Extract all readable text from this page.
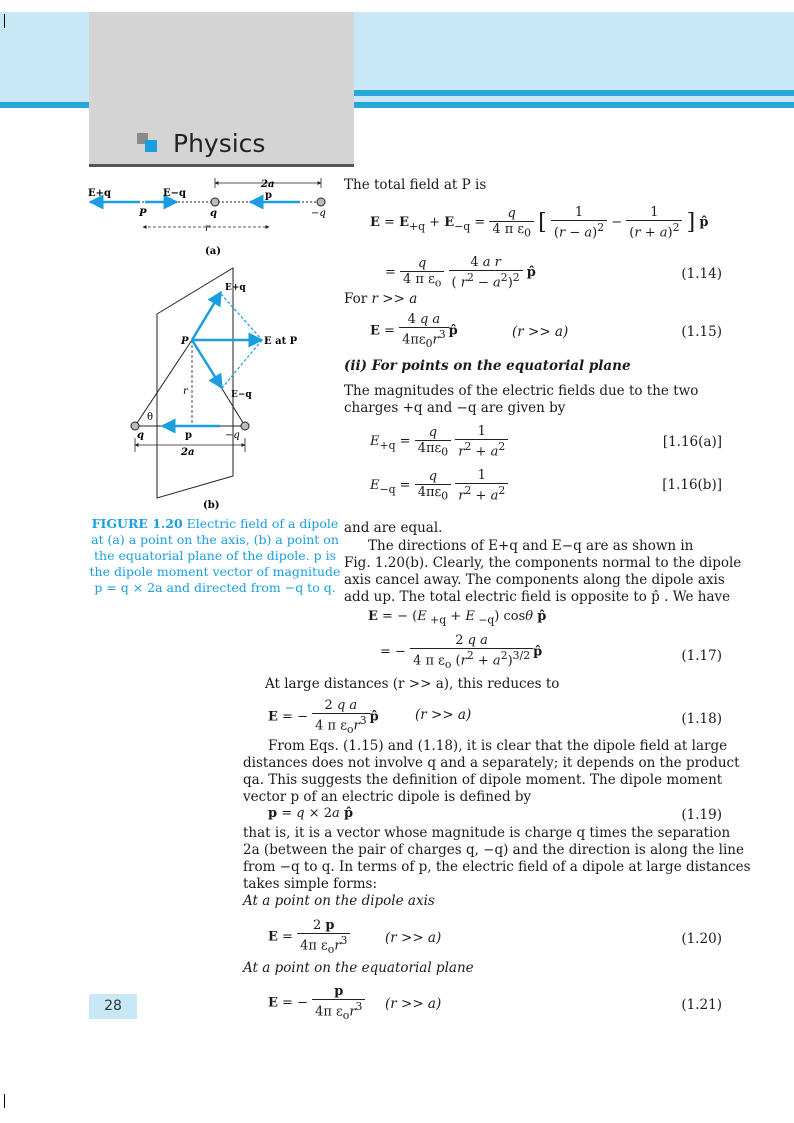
Physics
E+q	E−q
2a
P	q
p
−q
r
(a)
E+q
E−q
E at P
P
r
θ
q	p	−q
2a
(b)
FIGURE 1.20 Electric field of a dipole at (a) a point on the axis, (b) a point on the equatorial plane of the dipole. p is the dipole moment vector of magnitude p = q × 2a and directed from −q to q.
The total field at P is
$E = E_{+q} + E_{-q} = \frac{q}{4 \pi \varepsilon_0}$ [ $\frac{1}{(r - a)^2} - \frac{1}{(r + a)^2}$ ] p̂
= $\frac{q}{4 \pi \varepsilon_o}$
$\frac{\text{4 a r}}{( r^2 - a^2)^2}$ p̂	(1.14)
For r >> a
$E = \frac{\text{4 q a}}{4\pi\varepsilon_0r^3}$ p̂	(r >> a)	(1.15)
(ii) For points on the equatorial plane
The magnitudes of the electric fields due to the two
charges +q and −q are given by
$E_{+q} = \frac{q}{4\pi\varepsilon_0}$
$\frac{1}{r^2 + a^2}$	[1.16(a)]
$E_{-q} = \frac{q}{4\pi\varepsilon_0}$
$\frac{1}{r^2 + a^2}$	[1.16(b)]
and are equal.
The directions of E+q and E−q are as shown in
Fig. 1.20(b). Clearly, the components normal to the dipole
axis cancel away. The components along the dipole axis
add up. The total electric field is opposite to p̂ . We have
E = − (E $_{+q}$ + E $_{-q}$) cosθ p̂
= − $\frac{\text{2 q a}}{4 \pi \varepsilon_o (r^2 + a^2)^{3/2}}$ p̂	(1.17)
At large distances (r >> a), this reduces to
E = − $\frac{\text{2 q a}}{4 \pi \varepsilon_or^3}$ p̂	(r >> a)	(1.18)
From Eqs. (1.15) and (1.18), it is clear that the dipole field at large
distances does not involve q and a separately; it depends on the product
qa. This suggests the definition of dipole moment. The dipole moment
vector p of an electric dipole is defined by
p = q × 2a p̂	(1.19)
that is, it is a vector whose magnitude is charge q times the separation
2a (between the pair of charges q, −q) and the direction is along the line
from −q to q. In terms of p, the electric field of a dipole at large distances
takes simple forms:
At a point on the dipole axis
$E = \frac{2 p}{4\pi \varepsilon_or^3}$	(r >> a)	(1.20)
At a point on the equatorial plane
E = − $\frac{p}{4\pi \varepsilon_or^3} (r >> a)$	(1.21)
28
